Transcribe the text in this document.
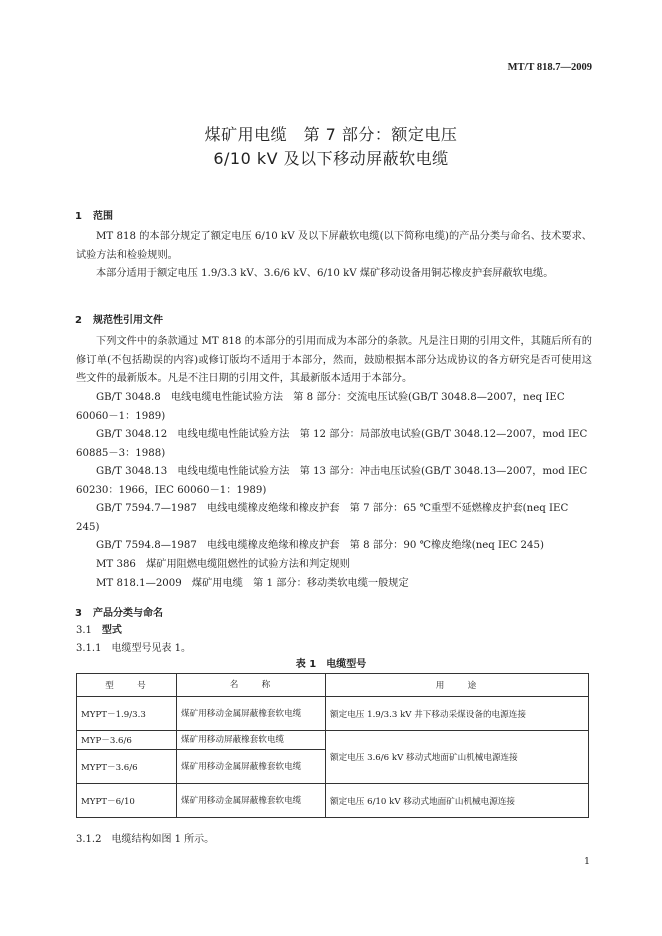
MT/T 818.7—2009
煤矿用电缆　第 7 部分：额定电压
6/10 kV 及以下移动屏蔽软电缆
1 范围
MT 818 的本部分规定了额定电压 6/10 kV 及以下屏蔽软电缆(以下简称电缆)的产品分类与命名、技术要求、试验方法和检验规则。
本部分适用于额定电压 1.9/3.3 kV、3.6/6 kV、6/10 kV 煤矿移动设备用铜芯橡皮护套屏蔽软电缆。
2 规范性引用文件
下列文件中的条款通过 MT 818 的本部分的引用而成为本部分的条款。凡是注日期的引用文件，其随后所有的修订单(不包括勘误的内容)或修订版均不适用于本部分，然而，鼓励根据本部分达成协议的各方研究是否可使用这些文件的最新版本。凡是不注日期的引用文件，其最新版本适用于本部分。
GB/T 3048.8　电线电缆电性能试验方法　第 8 部分：交流电压试验(GB/T 3048.8—2007，neq IEC 60060－1：1989)
GB/T 3048.12　电线电缆电性能试验方法　第 12 部分：局部放电试验(GB/T 3048.12—2007，mod IEC 60885－3：1988)
GB/T 3048.13　电线电缆电性能试验方法　第 13 部分：冲击电压试验(GB/T 3048.13—2007，mod IEC 60230：1966，IEC 60060－1：1989)
GB/T 7594.7—1987　电线电缆橡皮绝缘和橡皮护套　第 7 部分：65 ℃重型不延燃橡皮护套(neq IEC 245)
GB/T 7594.8—1987　电线电缆橡皮绝缘和橡皮护套　第 8 部分：90 ℃橡皮绝缘(neq IEC 245)
MT 386　煤矿用阻燃电缆阻燃性的试验方法和判定规则
MT 818.1—2009　煤矿用电缆　第 1 部分：移动类软电缆一般规定
3 产品分类与命名
3.1　 型式
3.1.1　 电缆型号见表 1。
表 1　电缆型号
型　　号	名　　称	用　　途
MYPT－1.9/3.3	煤矿用移动金属屏蔽橡套软电缆	额定电压 1.9/3.3 kV 井下移动采煤设备的电源连接
MYP－3.6/6	煤矿用移动屏蔽橡套软电缆	额定电压 3.6/6 kV 移动式地面矿山机械电源连接
MYPT－3.6/6	煤矿用移动金属屏蔽橡套软电缆	
MYPT－6/10	煤矿用移动金属屏蔽橡套软电缆	额定电压 6/10 kV 移动式地面矿山机械电源连接
3.1.2　 电缆结构如图 1 所示。
1
